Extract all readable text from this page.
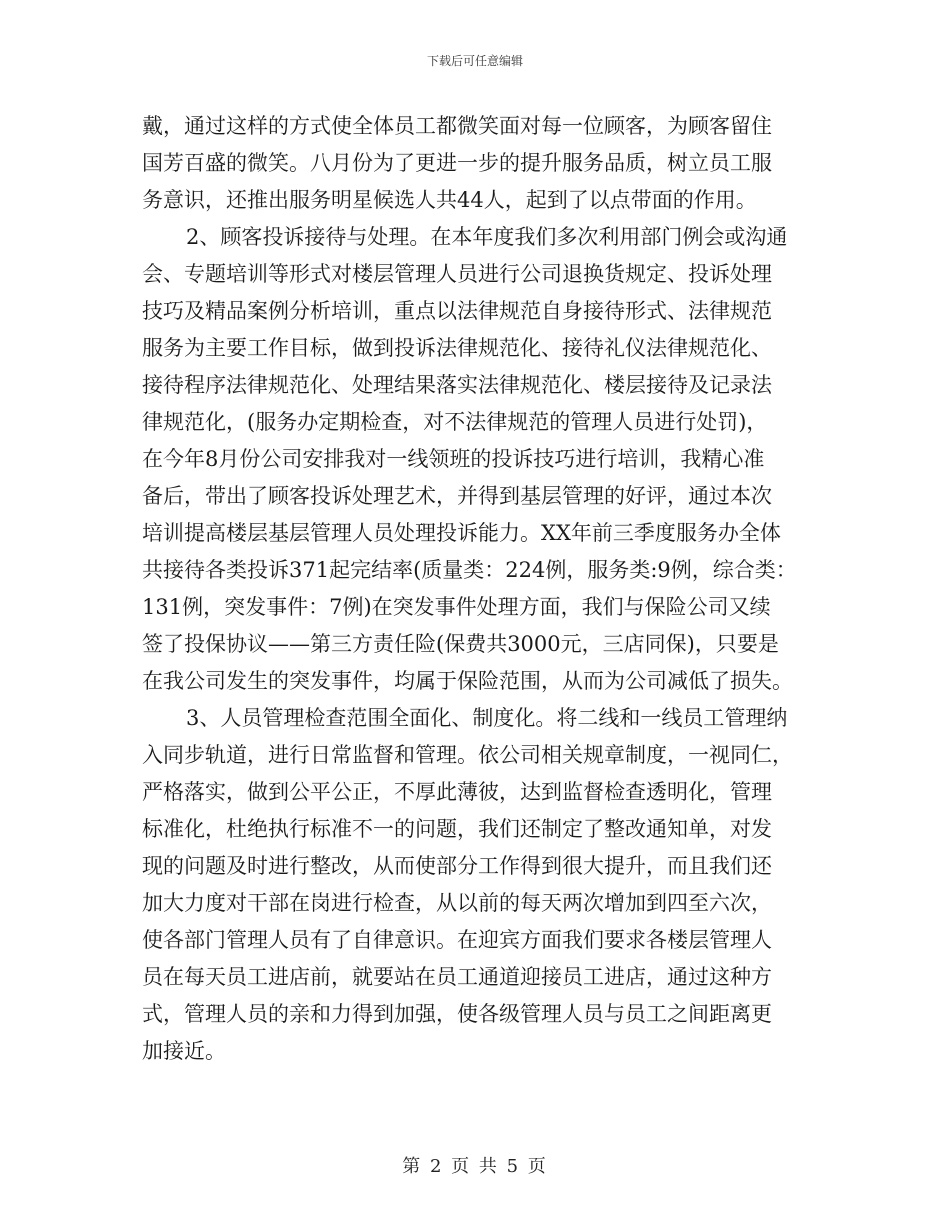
下载后可任意编辑
戴，通过这样的方式使全体员工都微笑面对每一位顾客，为顾客留住
国芳百盛的微笑。八月份为了更进一步的提升服务品质，树立员工服
务意识，还推出服务明星候选人共44人，起到了以点带面的作用。
2、顾客投诉接待与处理。在本年度我们多次利用部门例会或沟通
会、专题培训等形式对楼层管理人员进行公司退换货规定、投诉处理
技巧及精品案例分析培训，重点以法律规范自身接待形式、法律规范
服务为主要工作目标，做到投诉法律规范化、接待礼仪法律规范化、
接待程序法律规范化、处理结果落实法律规范化、楼层接待及记录法
律规范化，(服务办定期检查，对不法律规范的管理人员进行处罚)，
在今年8月份公司安排我对一线领班的投诉技巧进行培训，我精心准
备后，带出了顾客投诉处理艺术，并得到基层管理的好评，通过本次
培训提高楼层基层管理人员处理投诉能力。XX年前三季度服务办全体
共接待各类投诉371起完结率(质量类：224例，服务类:9例，综合类：
131例，突发事件：7例)在突发事件处理方面，我们与保险公司又续
签了投保协议——第三方责任险(保费共3000元，三店同保)，只要是
在我公司发生的突发事件，均属于保险范围，从而为公司减低了损失。
3、人员管理检查范围全面化、制度化。将二线和一线员工管理纳
入同步轨道，进行日常监督和管理。依公司相关规章制度，一视同仁，
严格落实，做到公平公正，不厚此薄彼，达到监督检查透明化，管理
标准化，杜绝执行标准不一的问题，我们还制定了整改通知单，对发
现的问题及时进行整改，从而使部分工作得到很大提升，而且我们还
加大力度对干部在岗进行检查，从以前的每天两次增加到四至六次，
使各部门管理人员有了自律意识。在迎宾方面我们要求各楼层管理人
员在每天员工进店前，就要站在员工通道迎接员工进店，通过这种方
式，管理人员的亲和力得到加强，使各级管理人员与员工之间距离更
加接近。
第 2 页 共 5 页
